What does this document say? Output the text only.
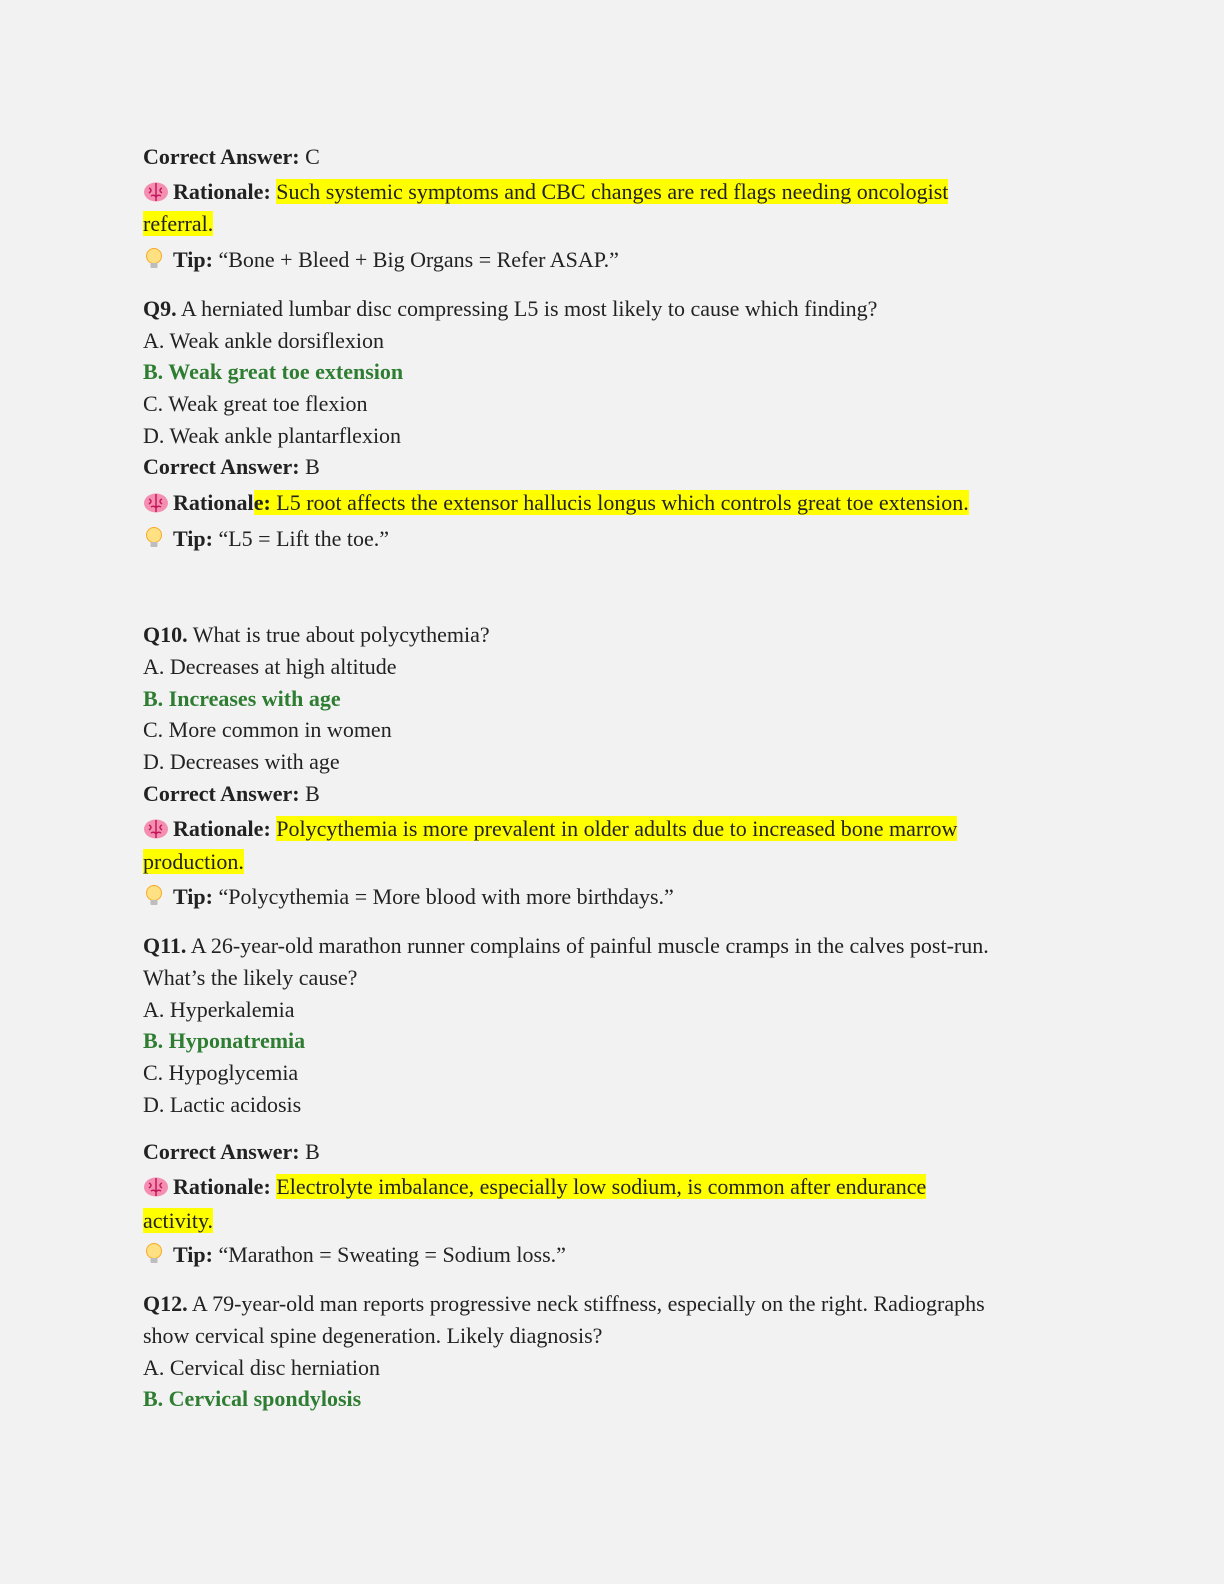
Correct Answer: C
Rationale: Such systemic symptoms and CBC changes are red flags needing oncologist
referral.
Tip: “Bone + Bleed + Big Organs = Refer ASAP.”
Q9. A herniated lumbar disc compressing L5 is most likely to cause which finding?
A. Weak ankle dorsiflexion
B. Weak great toe extension
C. Weak great toe flexion
D. Weak ankle plantarflexion
Correct Answer: B
Rationale: L5 root affects the extensor hallucis longus which controls great toe extension.
Tip: “L5 = Lift the toe.”
Q10. What is true about polycythemia?
A. Decreases at high altitude
B. Increases with age
C. More common in women
D. Decreases with age
Correct Answer: B
Rationale: Polycythemia is more prevalent in older adults due to increased bone marrow
production.
Tip: “Polycythemia = More blood with more birthdays.”
Q11. A 26-year-old marathon runner complains of painful muscle cramps in the calves post-run.
What’s the likely cause?
A. Hyperkalemia
B. Hyponatremia
C. Hypoglycemia
D. Lactic acidosis
Correct Answer: B
Rationale: Electrolyte imbalance, especially low sodium, is common after endurance
activity.
Tip: “Marathon = Sweating = Sodium loss.”
Q12. A 79-year-old man reports progressive neck stiffness, especially on the right. Radiographs
show cervical spine degeneration. Likely diagnosis?
A. Cervical disc herniation
B. Cervical spondylosis
